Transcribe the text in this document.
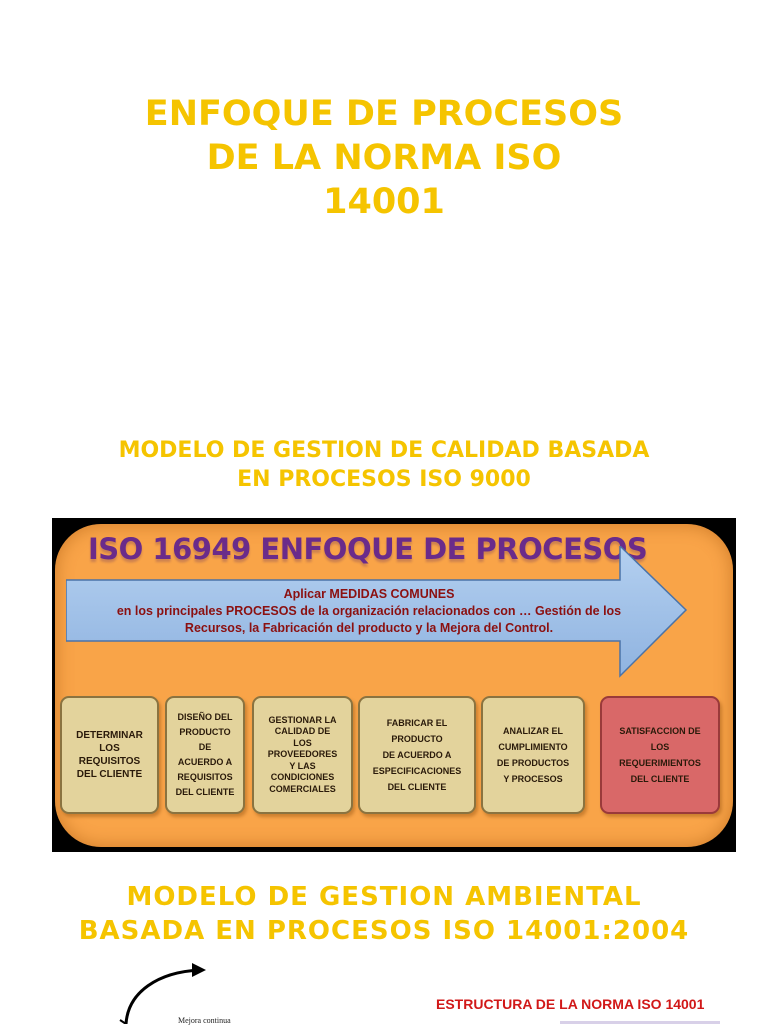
ENFOQUE DE PROCESOS
DE LA NORMA ISO
14001
MODELO DE GESTION DE CALIDAD BASADA
EN PROCESOS ISO 9000
ISO 16949 ENFOQUE DE PROCESOS
Aplicar MEDIDAS COMUNES
en los principales PROCESOS de la organización relacionados con … Gestión de los
Recursos, la Fabricación del producto y la Mejora del Control.
DETERMINAR
LOS
REQUISITOS
DEL CLIENTE
DISEÑO DEL
PRODUCTO
DE
ACUERDO A
REQUISITOS
DEL CLIENTE
GESTIONAR LA
CALIDAD DE
LOS
PROVEEDORES
Y LAS
CONDICIONES
COMERCIALES
FABRICAR EL
PRODUCTO
DE ACUERDO A
ESPECIFICACIONES
DEL CLIENTE
ANALIZAR EL
CUMPLIMIENTO
DE PRODUCTOS
Y PROCESOS
SATISFACCION DE
LOS
REQUERIMIENTOS
DEL CLIENTE
MODELO DE GESTION AMBIENTAL
BASADA EN PROCESOS ISO 14001:2004
Mejora continua
ESTRUCTURA DE LA NORMA ISO 14001
